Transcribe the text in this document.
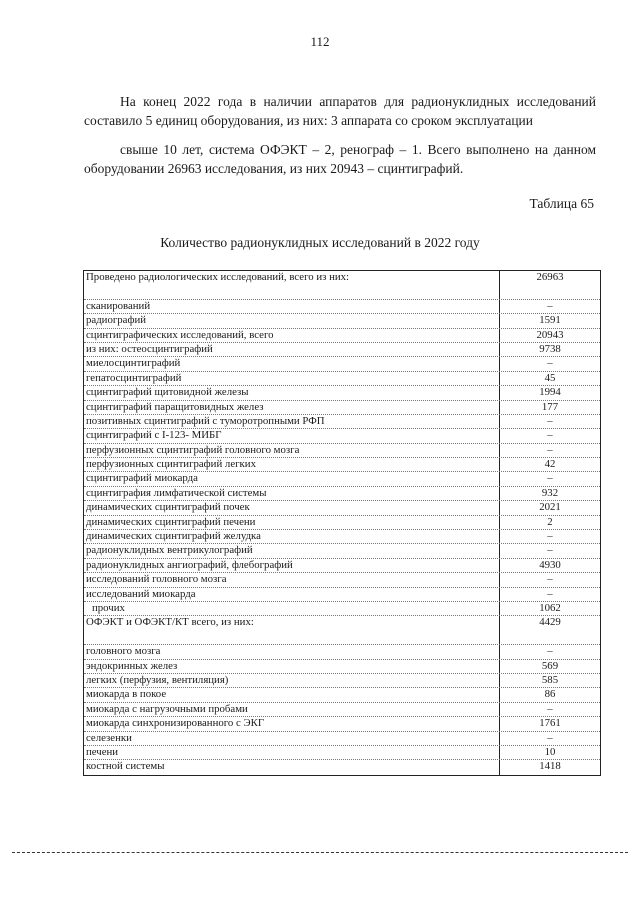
112
На конец 2022 года в наличии аппаратов для радионуклидных исследований составило 5 единиц оборудования, из них: 3 аппарата со сроком эксплуатации
свыше 10 лет, система ОФЭКТ – 2, ренограф – 1. Всего выполнено на данном оборудовании 26963 исследования, из них 20943 – сцинтиграфий.
Таблица 65
Количество радионуклидных исследований в 2022 году
Проведено радиологических исследований, всего из них:	26963
сканирований	–
радиографий	1591
сцинтиграфических исследований, всего	20943
из них: остеосцинтиграфий	9738
миелосцинтиграфий	–
гепатосцинтиграфий	45
сцинтиграфий щитовидной железы	1994
сцинтиграфий паращитовидных желез	177
позитивных сцинтиграфий с туморотропными РФП	–
сцинтиграфий с I-123- МИБГ	–
перфузионных сцинтиграфий головного мозга	–
перфузионных сцинтиграфий легких	42
сцинтиграфий миокарда	–
сцинтиграфия лимфатической системы	932
динамических сцинтиграфий почек	2021
динамических сцинтиграфий печени	2
динамических сцинтиграфий желудка	–
радионуклидных вентрикулографий	–
радионуклидных ангиографий, флебографий	4930
исследований головного мозга	–
исследований миокарда	–
прочих	1062
ОФЭКТ и ОФЭКТ/КТ всего, из них:	4429
головного мозга	–
эндокринных желез	569
легких (перфузия, вентиляция)	585
миокарда в покое	86
миокарда с нагрузочными пробами	–
миокарда синхронизированного с ЭКГ	1761
селезенки	–
печени	10
костной системы	1418
